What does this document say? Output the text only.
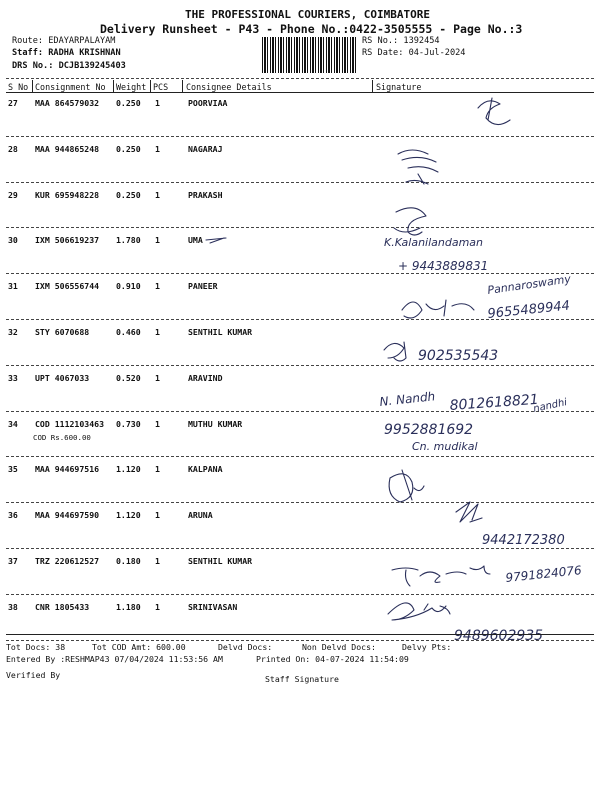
THE PROFESSIONAL COURIERS, COIMBATORE
Delivery Runsheet - P43 - Phone No.:0422-3505555 - Page No.:3
Route: EDAYARPALAYAM
Staff: RADHA KRISHNAN
DRS No.: DCJB139245403
RS No.: 1392454
RS Date: 04-Jul-2024
S No Consignment No Weight PCS Consignee Details	Signature
27 MAA 864579032 0.250 1	POORVIAA
28 MAA 944865248 0.250 1	NAGARAJ
29 KUR 695948228 0.250 1	PRAKASH
30 IXM 506619237 1.780 1	UMA
31 IXM 506556744 0.910 1	PANEER
32 STY 6070688	0.460 1	SENTHIL KUMAR
33 UPT 4067033	0.520 1	ARAVIND
34 COD 1112103463 0.730 1	MUTHU KUMAR
COD Rs.600.00
35 MAA 944697516 1.120 1	KALPANA
36 MAA 944697590 1.120 1	ARUNA
37 TRZ 220612527 0.180 1	SENTHIL KUMAR
38 CNR 1805433	1.180 1	SRINIVASAN
K.Kalanilandaman
+ 9443889831
Pannaroswamy
9655489944
902535543
N. Nandh 8012618821
nandhi
9952881692
Cn. mudikal
9442172380
9791824076
9489602935
Tot Docs: 38	Tot COD Amt: 600.00	Delvd Docs:	Non Delvd Docs:	Delvy Pts:
Entered By :RESHMAP43 07/04/2024 11:53:56 AM	Printed On: 04-07-2024 11:54:09
Verified By	Staff Signature
